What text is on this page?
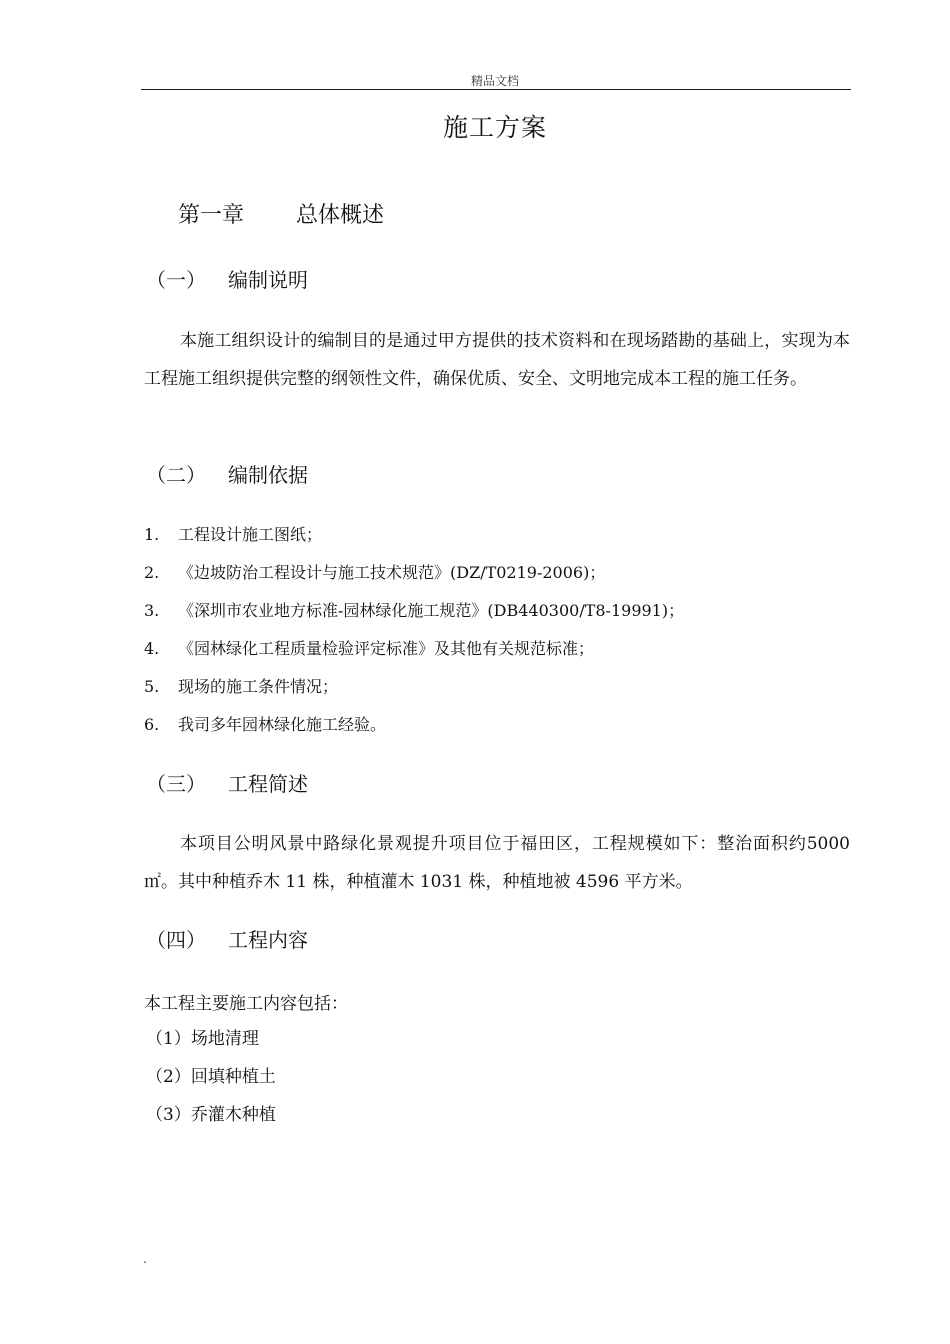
精品文档
施工方案
第一章 总体概述
（一） 编制说明

本施工组织设计的编制目的是通过甲方提供的技术资料和在现场踏勘的基础上，实现为本工程施工组织提供完整的纲领性文件，确保优质、安全、文明地完成本工程的施工任务。

（二） 编制依据
1. 工程设计施工图纸；
2. 《边坡防治工程设计与施工技术规范》(DZ/T0219-2006)；
3. 《深圳市农业地方标准-园林绿化施工规范》(DB440300/T8-19991)；
4. 《园林绿化工程质量检验评定标准》及其他有关规范标准；
5. 现场的施工条件情况；
6. 我司多年园林绿化施工经验。
（三） 工程简述

本项目公明风景中路绿化景观提升项目位于福田区，工程规模如下：整治面积约5000 ㎡。其中种植乔木 11 株，种植灌木 1031 株，种植地被 4596 平方米。

（四） 工程内容
本工程主要施工内容包括：
（1）场地清理
（2）回填种植土
（3）乔灌木种植
.
